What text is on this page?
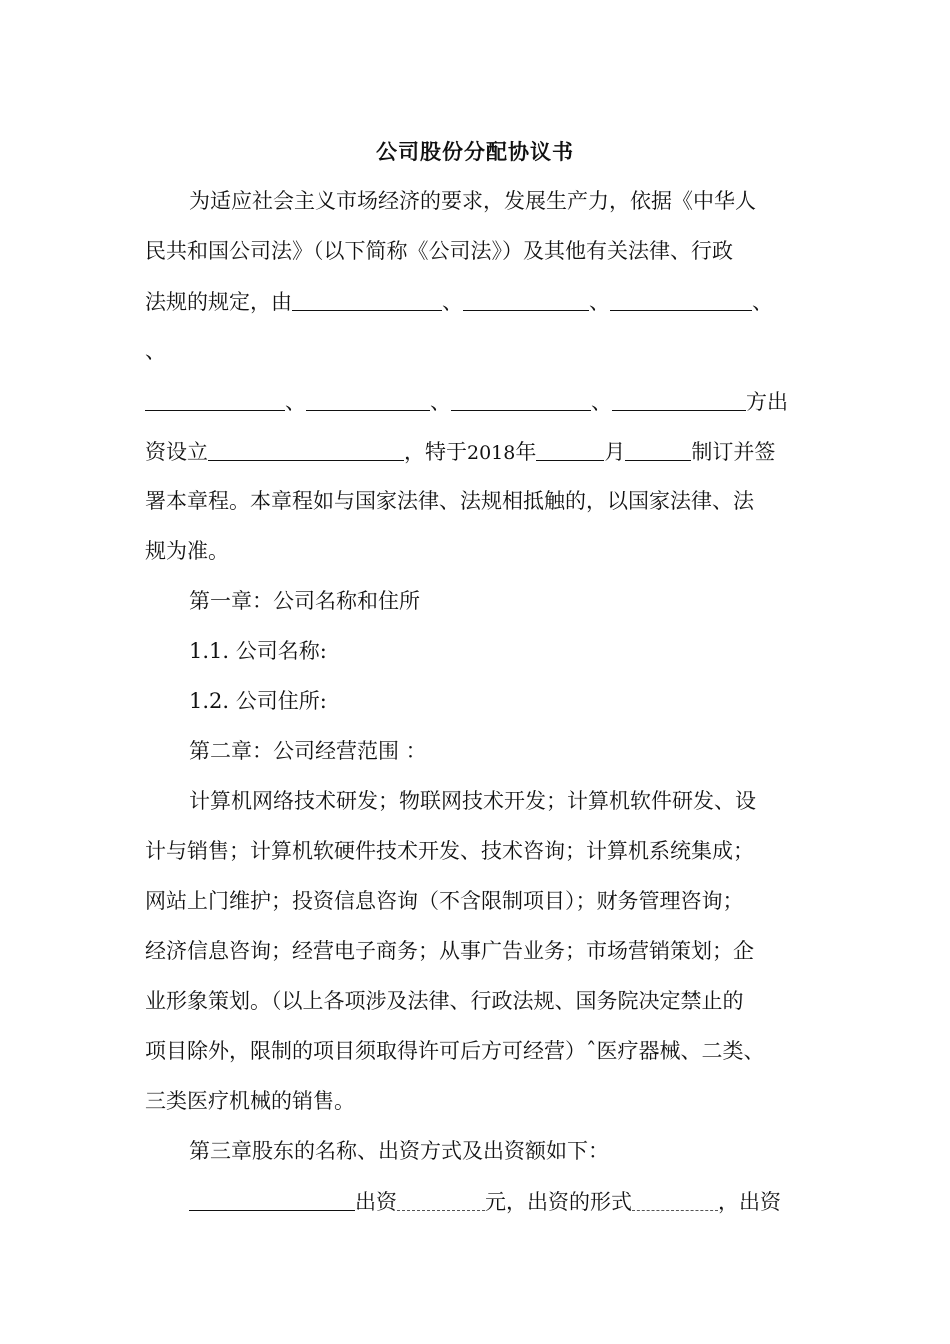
公司股份分配协议书
为适应社会主义市场经济的要求，发展生产力，依据《中华人
民共和国公司法》（以下简称《公司法》）及其他有关法律、行政
法规的规定，由	、	、	、
、
、	、	、	方出
资设立	，特于2018年	月	制订并签
署本章程。本章程如与国家法律、法规相抵触的，以国家法律、法
规为准。
第一章：公司名称和住所
1.1. 公司名称:
1.2. 公司住所:
第二章：公司经营范围 ：
计算机网络技术研发；物联网技术开发；计算机软件研发、设
计与销售；计算机软硬件技术开发、技术咨询；计算机系统集成；
网站上门维护；投资信息咨询（不含限制项目）；财务管理咨询；
经济信息咨询；经营电子商务；从事广告业务；市场营销策划；企
业形象策划。（以上各项涉及法律、行政法规、国务院决定禁止的
项目除外，限制的项目须取得许可后方可经营）ˆ医疗器械、二类、
三类医疗机械的销售。
第三章股东的名称、出资方式及出资额如下：
出资	元，出资的形式	，出资
